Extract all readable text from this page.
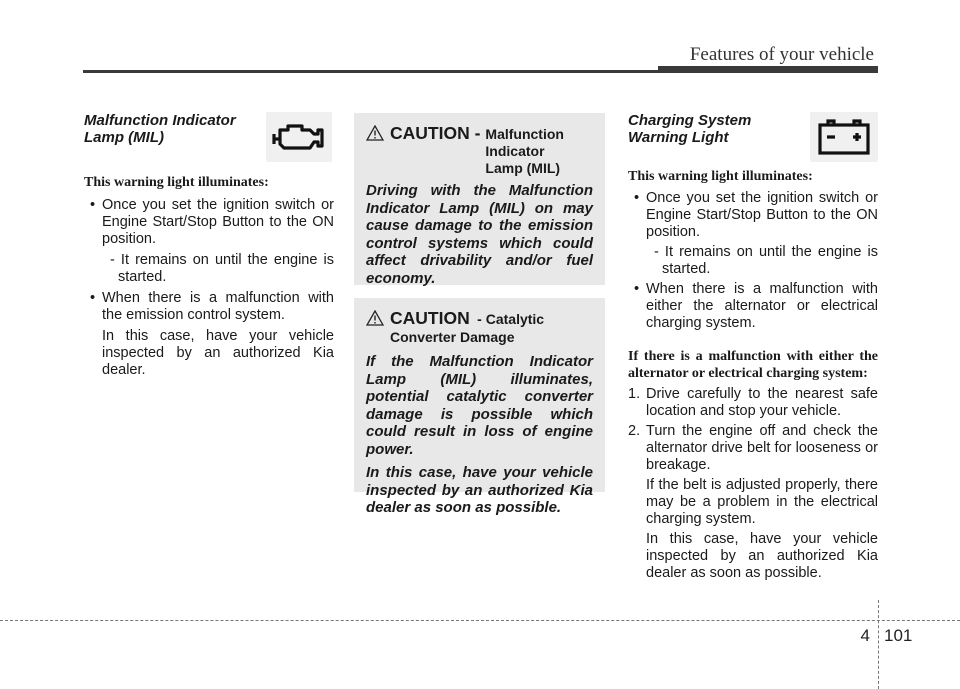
Features of your vehicle

Malfunction Indicator
Lamp (MIL)

This warning light illuminates:

• Once you set the ignition switch or Engine Start/Stop Button to the ON position.

- It remains on until the engine is started.

• When there is a malfunction with the emission control system.

In this case, have your vehicle inspected by an authorized Kia dealer.

CAUTION - Malfunction
Indicator
Lamp (MIL)

Driving with the Malfunction Indicator Lamp (MIL) on may cause damage to the emission control systems which could affect drivability and/or fuel economy.

CAUTION - Catalytic
Converter Damage

If the Malfunction Indicator Lamp (MIL) illuminates, potential catalytic converter damage is possible which could result in loss of engine power.

In this case, have your vehicle inspected by an authorized Kia dealer as soon as possible.

Charging System
Warning Light

This warning light illuminates:

• Once you set the ignition switch or Engine Start/Stop Button to the ON position.

- It remains on until the engine is started.

• When there is a malfunction with either the alternator or electrical charging system.

If there is a malfunction with either the alternator or electrical charging system:

1. Drive carefully to the nearest safe location and stop your vehicle.
2. Turn the engine off and check the alternator drive belt for looseness or breakage.

If the belt is adjusted properly, there may be a problem in the electrical charging system.

In this case, have your vehicle inspected by an authorized Kia dealer as soon as possible.

4 101
